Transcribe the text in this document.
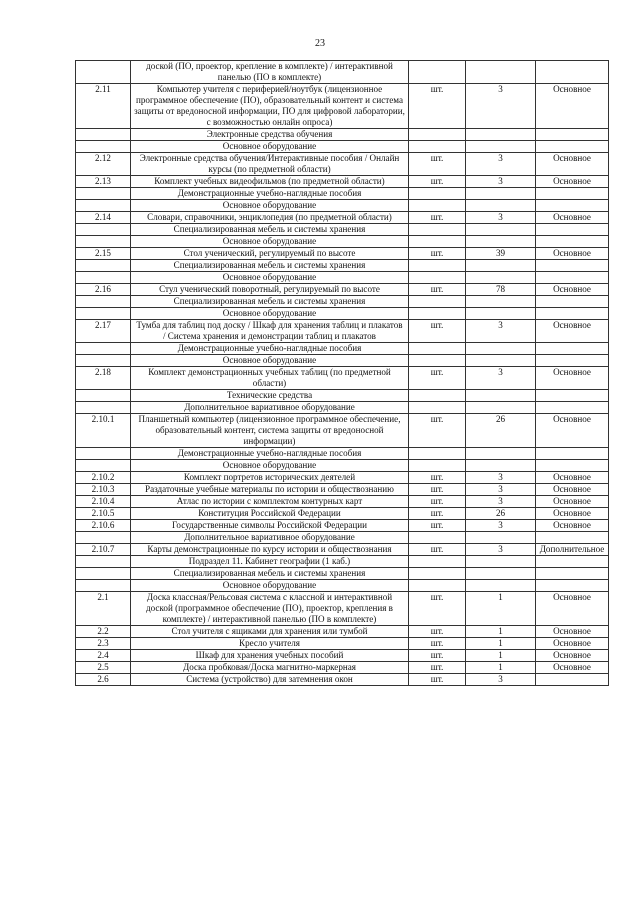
23
	доской (ПО, проектор, крепление в комплекте) / интерактивной панелью (ПО в комплекте)			
2.11	Компьютер учителя с периферией/ноутбук (лицензионное программное обеспечение (ПО), образовательный контент и система защиты от вредоносной информации, ПО для цифровой лаборатории, с возможностью онлайн опроса)	шт.	3	Основное
	Электронные средства обучения			
	Основное оборудование			
2.12	Электронные средства обучения/Интерактивные пособия / Онлайн курсы (по предметной области)	шт.	3	Основное
2.13	Комплект учебных видеофильмов (по предметной области)	шт.	3	Основное
	Демонстрационные учебно-наглядные пособия			
	Основное оборудование			
2.14	Словари, справочники, энциклопедия (по предметной области)	шт.	3	Основное
	Специализированная мебель и системы хранения			
	Основное оборудование			
2.15	Стол ученический, регулируемый по высоте	шт.	39	Основное
	Специализированная мебель и системы хранения			
	Основное оборудование			
2.16	Стул ученический поворотный, регулируемый по высоте	шт.	78	Основное
	Специализированная мебель и системы хранения			
	Основное оборудование			
2.17	Тумба для таблиц под доску / Шкаф для хранения таблиц и плакатов / Система хранения и демонстрации таблиц и плакатов	шт.	3	Основное
	Демонстрационные учебно-наглядные пособия			
	Основное оборудование			
2.18	Комплект демонстрационных учебных таблиц (по предметной области)	шт.	3	Основное
	Технические средства			
	Дополнительное вариативное оборудование			
2.10.1	Планшетный компьютер (лицензионное программное обеспечение, образовательный контент, система защиты от вредоносной информации)	шт.	26	Основное
	Демонстрационные учебно-наглядные пособия			
	Основное оборудование			
2.10.2	Комплект портретов исторических деятелей	шт.	3	Основное
2.10.3	Раздаточные учебные материалы по истории и обществознанию	шт.	3	Основное
2.10.4	Атлас по истории с комплектом контурных карт	шт.	3	Основное
2.10.5	Конституция Российской Федерации	шт.	26	Основное
2.10.6	Государственные символы Российской Федерации	шт.	3	Основное
	Дополнительное вариативное оборудование			
2.10.7	Карты демонстрационные по курсу истории и обществознания	шт.	3	Дополнительное
	Подраздел 11. Кабинет географии (1 каб.)			
	Специализированная мебель и системы хранения			
	Основное оборудование			
2.1	Доска классная/Рельсовая система с классной и интерактивной доской (программное обеспечение (ПО), проектор, крепления в комплекте) / интерактивной панелью (ПО в комплекте)	шт.	1	Основное
2.2	Стол учителя с ящиками для хранения или тумбой	шт.	1	Основное
2.3	Кресло учителя	шт.	1	Основное
2.4	Шкаф для хранения учебных пособий	шт.	1	Основное
2.5	Доска пробковая/Доска магнитно-маркерная	шт.	1	Основное
2.6	Система (устройство) для затемнения окон	шт.	3	
